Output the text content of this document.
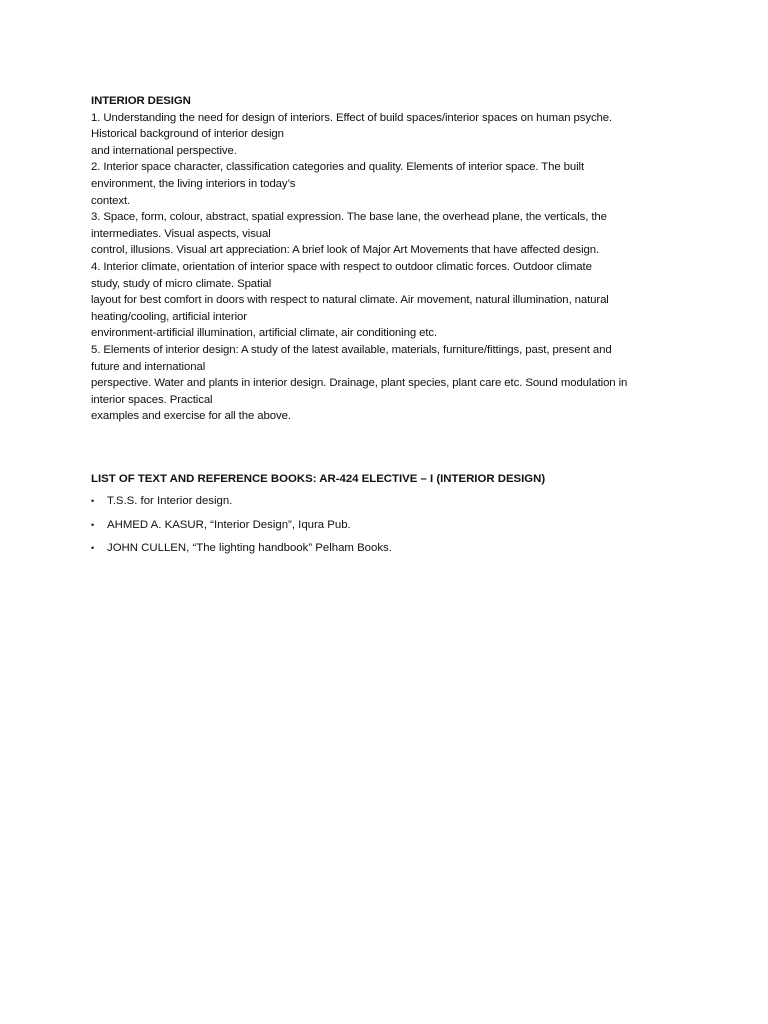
INTERIOR DESIGN

1. Understanding the need for design of interiors. Effect of build spaces/interior spaces on human psyche.

Historical background of interior design

and international perspective.

2. Interior space character, classification categories and quality. Elements of interior space. The built

environment, the living interiors in today’s

context.

3. Space, form, colour, abstract, spatial expression. The base lane, the overhead plane, the verticals, the

intermediates. Visual aspects, visual

control, illusions. Visual art appreciation: A brief look of Major Art Movements that have affected design.

4. Interior climate, orientation of interior space with respect to outdoor climatic forces. Outdoor climate

study, study of micro climate. Spatial

layout for best comfort in doors with respect to natural climate. Air movement, natural illumination, natural

heating/cooling, artificial interior

environment-artificial illumination, artificial climate, air conditioning etc.

5. Elements of interior design: A study of the latest available, materials, furniture/fittings, past, present and

future and international

perspective. Water and plants in interior design. Drainage, plant species, plant care etc. Sound modulation in

interior spaces. Practical

examples and exercise for all the above.

LIST OF TEXT AND REFERENCE BOOKS: AR-424 ELECTIVE – I (INTERIOR DESIGN)

• T.S.S. for Interior design.
• AHMED A. KASUR, “Interior Design”, Iqura Pub.
• JOHN CULLEN, “The lighting handbook” Pelham Books.
